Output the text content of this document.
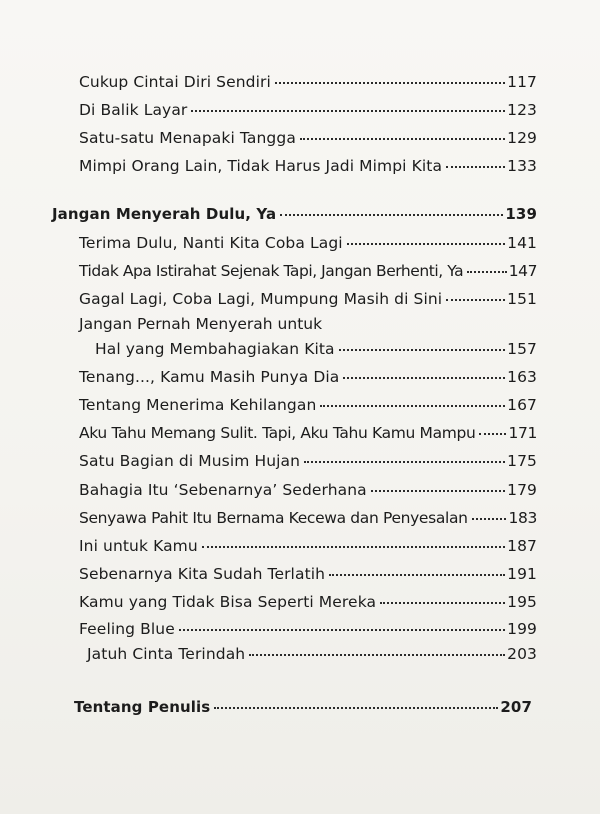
Cukup Cintai Diri Sendiri	117
Di Balik Layar	123
Satu-satu Menapaki Tangga	129
Mimpi Orang Lain, Tidak Harus Jadi Mimpi Kita	133
Jangan Menyerah Dulu, Ya	139
Terima Dulu, Nanti Kita Coba Lagi	141
Tidak Apa Istirahat Sejenak Tapi, Jangan Berhenti, Ya	147
Gagal Lagi, Coba Lagi, Mumpung Masih di Sini	151
Jangan Pernah Menyerah untuk
Hal yang Membahagiakan Kita	157
Tenang..., Kamu Masih Punya Dia	163
Tentang Menerima Kehilangan	167
Aku Tahu Memang Sulit. Tapi, Aku Tahu Kamu Mampu 171
Satu Bagian di Musim Hujan	175
Bahagia Itu ‘Sebenarnya’ Sederhana	179
Senyawa Pahit Itu Bernama Kecewa dan Penyesalan	183
Ini untuk Kamu	187
Sebenarnya Kita Sudah Terlatih	191
Kamu yang Tidak Bisa Seperti Mereka	195
Feeling Blue	199
Jatuh Cinta Terindah	203
Tentang Penulis	207
